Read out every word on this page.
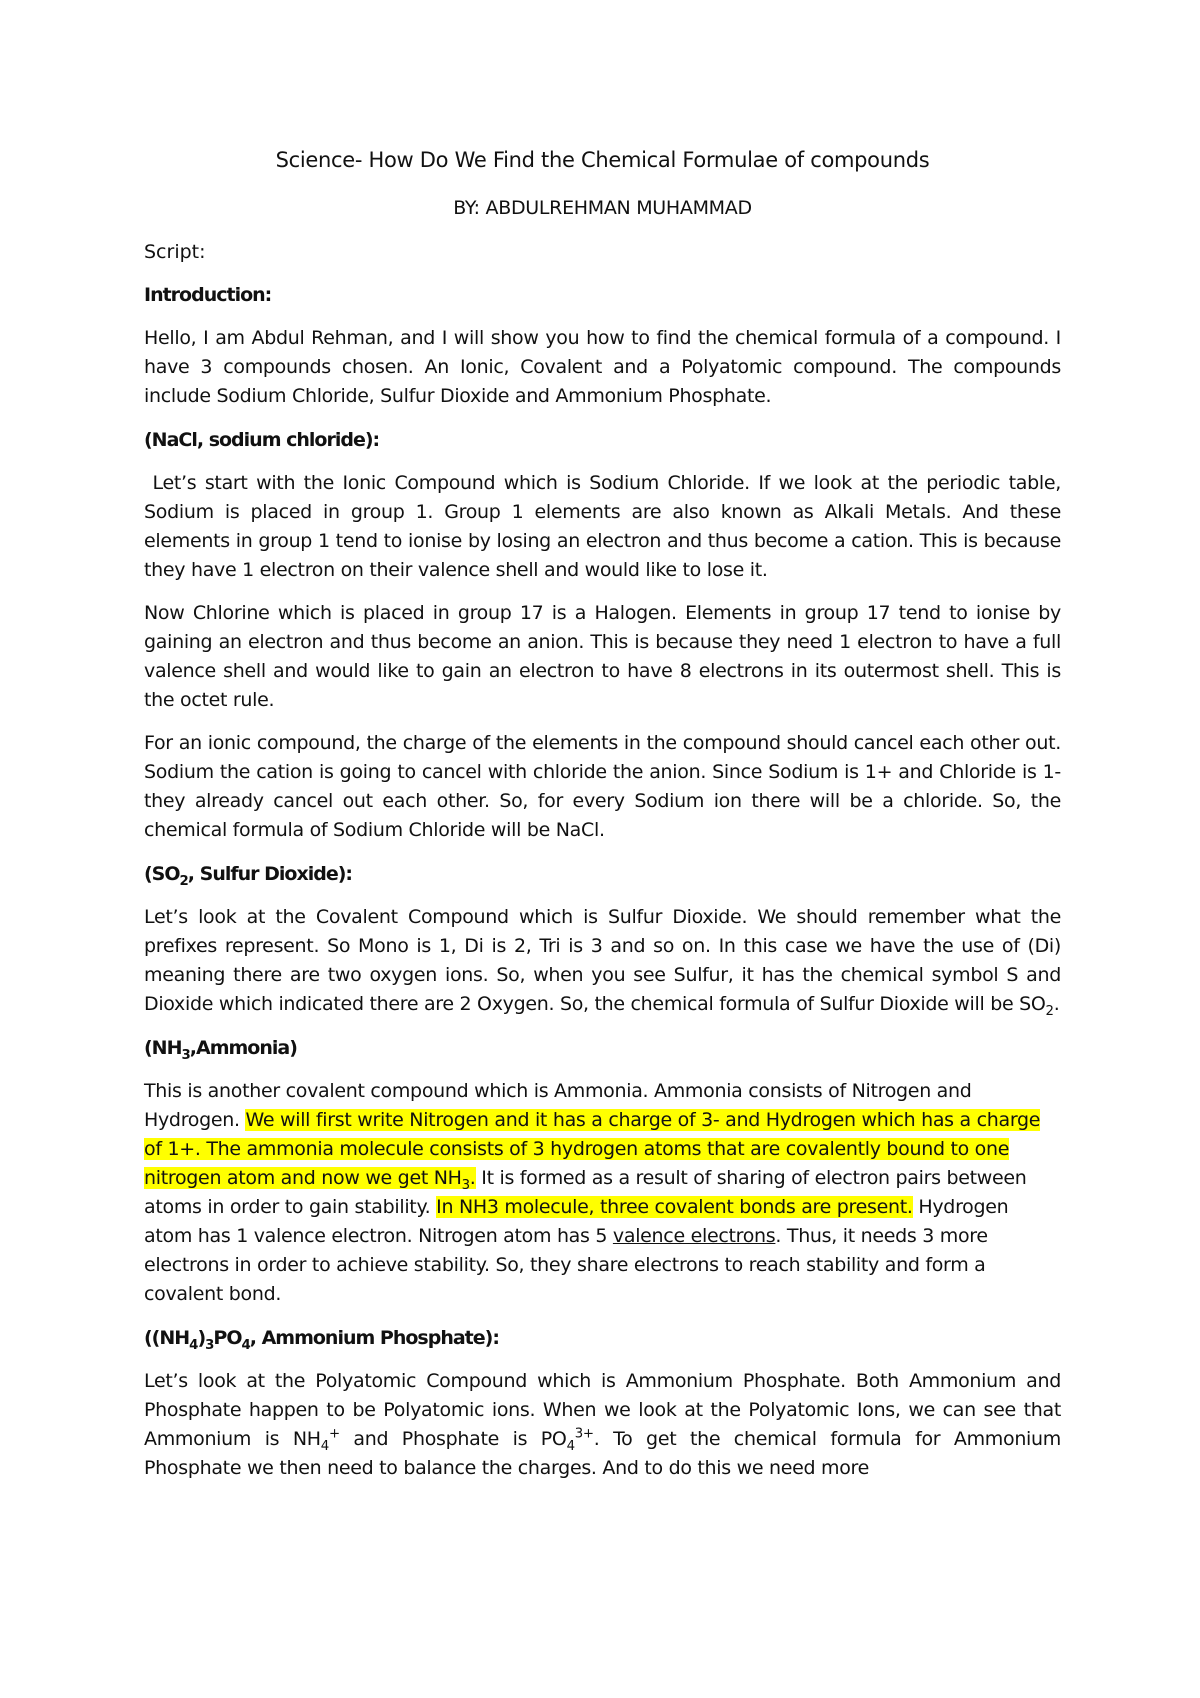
Science- How Do We Find the Chemical Formulae of compounds
BY: ABDULREHMAN MUHAMMAD
Script:
Introduction:

Hello, I am Abdul Rehman, and I will show you how to find the chemical formula of a compound. I have 3 compounds chosen. An Ionic, Covalent and a Polyatomic compound. The compounds include Sodium Chloride, Sulfur Dioxide and Ammonium Phosphate.

(NaCl, sodium chloride):

Let’s start with the Ionic Compound which is Sodium Chloride. If we look at the periodic table, Sodium is placed in group 1. Group 1 elements are also known as Alkali Metals. And these elements in group 1 tend to ionise by losing an electron and thus become a cation. This is because they have 1 electron on their valence shell and would like to lose it.

Now Chlorine which is placed in group 17 is a Halogen. Elements in group 17 tend to ionise by gaining an electron and thus become an anion. This is because they need 1 electron to have a full valence shell and would like to gain an electron to have 8 electrons in its outermost shell. This is the octet rule.

For an ionic compound, the charge of the elements in the compound should cancel each other out. Sodium the cation is going to cancel with chloride the anion. Since Sodium is 1+ and Chloride is 1- they already cancel out each other. So, for every Sodium ion there will be a chloride. So, the chemical formula of Sodium Chloride will be NaCl.

($SO_2$, Sulfur Dioxide):

Let’s look at the Covalent Compound which is Sulfur Dioxide. We should remember what the prefixes represent. So Mono is 1, Di is 2, Tri is 3 and so on. In this case we have the use of (Di) meaning there are two oxygen ions. So, when you see Sulfur, it has the chemical symbol S and Dioxide which indicated there are 2 Oxygen. So, the chemical formula of Sulfur Dioxide will be $SO_2$.

$(NH_3,Ammonia)$

This is another covalent compound which is Ammonia. Ammonia consists of Nitrogen and Hydrogen. We will first write Nitrogen and it has a charge of 3- and Hydrogen which has a charge of 1+. The ammonia molecule consists of 3 hydrogen atoms that are covalently bound to one nitrogen atom and now we get $NH_3$. It is formed as a result of sharing of electron pairs between atoms in order to gain stability. In NH3 molecule, three covalent bonds are present. Hydrogen atom has 1 valence electron. Nitrogen atom has 5 valence electrons. Thus, it needs 3 more electrons in order to achieve stability. So, they share electrons to reach stability and form a covalent bond.

($(NH_4)_3PO_4$, Ammonium Phosphate):

Let’s look at the Polyatomic Compound which is Ammonium Phosphate. Both Ammonium and Phosphate happen to be Polyatomic ions. When we look at the Polyatomic Ions, we can see that Ammonium is $NH_4^+$ and Phosphate is $PO_4^{3+}$. To get the chemical formula for Ammonium Phosphate we then need to balance the charges. And to do this we need more
